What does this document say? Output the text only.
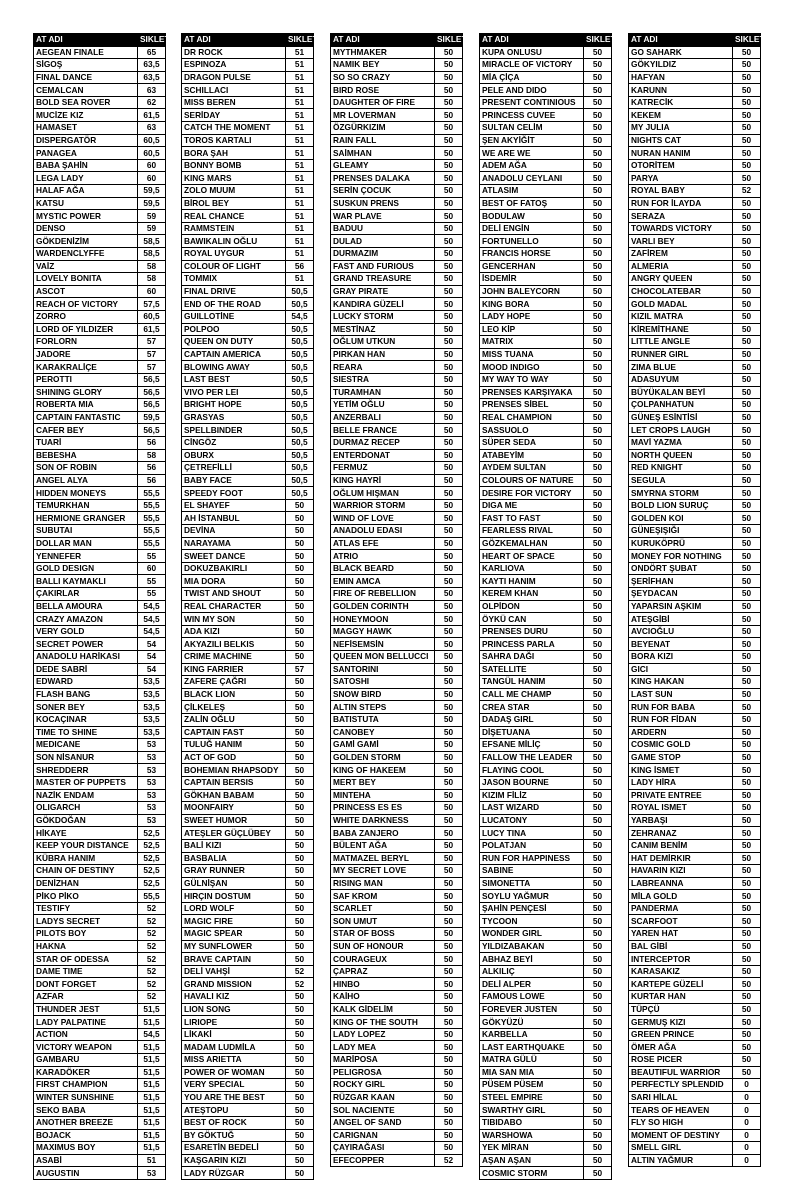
AT ADI	SIKLET
AEGEAN FINALE	65
SİGOŞ	63,5
FINAL DANCE	63,5
CEMALCAN	63
BOLD SEA ROVER	62
MUCİZE KIZ	61,5
HAMASET	63
DISPERGATÖR	60,5
PANAGEA	60,5
BABA ŞAHİN	60
LEGA LADY	60
HALAF AĞA	59,5
KATSU	59,5
MYSTIC POWER	59
DENSO	59
GÖKDENİZİM	58,5
WARDENCLYFFE	58,5
VAİZ	58
LOVELY BONITA	58
ASCOT	60
REACH OF VICTORY	57,5
ZORRO	60,5
LORD OF YILDIZER	61,5
FORLORN	57
JADORE	57
KARAKRALİÇE	57
PEROTTI	56,5
SHINING GLORY	56,5
ROBERTA MIA	56,5
CAPTAIN FANTASTIC	59,5
CAFER BEY	56,5
TUARİ	56
BEBESHA	58
SON OF ROBIN	56
ANGEL ALYA	56
HIDDEN MONEYS	55,5
TEMURKHAN	55,5
HERMIONE GRANGER	55,5
SUBUTAI	55,5
DOLLAR MAN	55,5
YENNEFER	55
GOLD DESIGN	60
BALLI KAYMAKLI	55
ÇAKIRLAR	55
BELLA AMOURA	54,5
CRAZY AMAZON	54,5
VERY GOLD	54,5
SECRET POWER	54
ANADOLU HARİKASI	54
DEDE SABRİ	54
EDWARD	53,5
FLASH BANG	53,5
SONER BEY	53,5
KOCAÇINAR	53,5
TIME TO SHINE	53,5
MEDICANE	53
SON NİSANUR	53
SHREDDERR	53
MASTER OF PUPPETS	53
NAZİK ENDAM	53
OLIGARCH	53
GÖKDOĞAN	53
HİKAYE	52,5
KEEP YOUR DISTANCE	52,5
KÜBRA HANIM	52,5
CHAIN OF DESTINY	52,5
DENİZHAN	52,5
PİKO PİKO	55,5
TESTIFY	52
LADYS SECRET	52
PILOTS BOY	52
HAKNA	52
STAR OF ODESSA	52
DAME TIME	52
DONT FORGET	52
AZFAR	52
THUNDER JEST	51,5
LADY PALPATINE	51,5
ACTION	54,5
VICTORY WEAPON	51,5
GAMBARU	51,5
KARADÖKER	51,5
FIRST CHAMPION	51,5
WINTER SUNSHINE	51,5
SEKO BABA	51,5
ANOTHER BREEZE	51,5
BOJACK	51,5
MAXIMUS BOY	51,5
ASABİ	51
AUGUSTIN	53
AT ADI	SIKLET
DR ROCK	51
ESPINOZA	51
DRAGON PULSE	51
SCHILLACI	51
MISS BEREN	51
SERİDAY	51
CATCH THE MOMENT	51
TOROS KARTALI	51
BORA ŞAH	51
BONNY BOMB	51
KING MARS	51
ZOLO MUUM	51
BİROL BEY	51
REAL CHANCE	51
RAMMSTEIN	51
BAWIKALIN OĞLU	51
ROYAL UYGUR	51
COLOUR OF LIGHT	56
TOMMIX	51
FINAL DRIVE	50,5
END OF THE ROAD	50,5
GUILLOTİNE	54,5
POLPOO	50,5
QUEEN ON DUTY	50,5
CAPTAIN AMERICA	50,5
BLOWING AWAY	50,5
LAST BEST	50,5
VIVO PER LEI	50,5
BRIGHT HOPE	50,5
GRASYAS	50,5
SPELLBINDER	50,5
CİNGÖZ	50,5
OBURX	50,5
ÇETREFİLLİ	50,5
BABY FACE	50,5
SPEEDY FOOT	50,5
EL SHAYEF	50
AH İSTANBUL	50
DEVİNA	50
NARAYAMA	50
SWEET DANCE	50
DOKUZBAKIRLI	50
MIA DORA	50
TWIST AND SHOUT	50
REAL CHARACTER	50
WIN MY SON	50
ADA KIZI	50
AKYAZILI BELKIS	50
CRIME MACHINE	50
KING FARRIER	57
ZAFERE ÇAĞRI	50
BLACK LION	50
ÇİLKELEŞ	50
ZALİN OĞLU	50
CAPTAIN FAST	50
TULUĞ HANIM	50
ACT OF GOD	50
BOHEMIAN RHAPSODY	50
CAPTAIN BERSIS	50
GÖKHAN BABAM	50
MOONFAIRY	50
SWEET HUMOR	50
ATEŞLER GÜÇLÜBEY	50
BALİ KIZI	50
BASBALIA	50
GRAY RUNNER	50
GÜLNİŞAN	50
HIRÇIN DOSTUM	50
LORD WOLF	50
MAGIC FIRE	50
MAGIC SPEAR	50
MY SUNFLOWER	50
BRAVE CAPTAIN	50
DELİ VAHŞİ	52
GRAND MISSION	52
HAVALI KIZ	50
LION SONG	50
LIRIOPE	50
LİKAKİ	50
MADAM LUDMİLA	50
MISS ARIETTA	50
POWER OF WOMAN	50
VERY SPECIAL	50
YOU ARE THE BEST	50
ATEŞTOPU	50
BEST OF ROCK	50
BY GÖKTUĞ	50
ESARETİN BEDELİ	50
KAŞGARIN KIZI	50
LADY RÜZGAR	50
AT ADI	SIKLET
MYTHMAKER	50
NAMIK BEY	50
SO SO CRAZY	50
BIRD ROSE	50
DAUGHTER OF FIRE	50
MR LOVERMAN	50
ÖZGÜRKIZIM	50
RAIN FALL	50
SAİMHAN	50
GLEAMY	50
PRENSES DALAKA	50
SERİN ÇOCUK	50
SUSKUN PRENS	50
WAR PLAVE	50
BADUU	50
DULAD	50
DURMAZIM	50
FAST AND FURIOUS	50
GRAND TREASURE	50
GRAY PIRATE	50
KANDIRA GÜZELİ	50
LUCKY STORM	50
MESTİNAZ	50
OĞLUM UTKUN	50
PIRKAN HAN	50
REARA	50
SIESTRA	50
TURAMHAN	50
YETİM OĞLU	50
ANZERBALI	50
BELLE FRANCE	50
DURMAZ RECEP	50
ENTERDONAT	50
FERMUZ	50
KING HAYRİ	50
OĞLUM HIŞMAN	50
WARRIOR STORM	50
WIND OF LOVE	50
ANADOLU EDASI	50
ATLAS EFE	50
ATRIO	50
BLACK BEARD	50
EMIN AMCA	50
FIRE OF REBELLION	50
GOLDEN CORINTH	50
HONEYMOON	50
MAGGY HAWK	50
NEFİSEMSİN	50
QUEEN MON BELLUCCI	50
SANTORINI	50
SATOSHI	50
SNOW BIRD	50
ALTIN STEPS	50
BATISTUTA	50
CANOBEY	50
GAMİ GAMİ	50
GOLDEN STORM	50
KING OF HAKEEM	50
MERT BEY	50
MINTEHA	50
PRINCESS ES ES	50
WHITE DARKNESS	50
BABA ZANJERO	50
BÜLENT AĞA	50
MATMAZEL BERYL	50
MY SECRET LOVE	50
RISING MAN	50
SAF KROM	50
SCARLET	50
SON UMUT	50
STAR OF BOSS	50
SUN OF HONOUR	50
COURAGEUX	50
ÇAPRAZ	50
HINBO	50
KAİHO	50
KALK GİDELİM	50
KING OF THE SOUTH	50
LADY LOPEZ	50
LADY MEA	50
MARİPOSA	50
PELIGROSA	50
ROCKY GIRL	50
RÜZGAR KAAN	50
SOL NACIENTE	50
ANGEL OF SAND	50
CARIGNAN	50
ÇAYIRAĞASI	50
EFECOPPER	52
AT ADI	SIKLET
KUPA ONLUSU	50
MIRACLE OF VICTORY	50
MİA ÇİÇA	50
PELE AND DIDO	50
PRESENT CONTINIOUS	50
PRINCESS CUVEE	50
SULTAN CELİM	50
ŞEN AKYİĞİT	50
WE ARE WE	50
ADEM AĞA	50
ANADOLU CEYLANI	50
ATLASIM	50
BEST OF FATOŞ	50
BODULAW	50
DELİ ENGİN	50
FORTUNELLO	50
FRANCIS HORSE	50
GENCERHAN	50
İSDEMİR	50
JOHN BALEYCORN	50
KING BORA	50
LADY HOPE	50
LEO KİP	50
MATRIX	50
MISS TUANA	50
MOOD INDIGO	50
MY WAY TO WAY	50
PRENSES KARŞIYAKA	50
PRENSES SİBEL	50
REAL CHAMPION	50
SASSUOLO	50
SÜPER SEDA	50
ATABEYİM	50
AYDEM SULTAN	50
COLOURS OF NATURE	50
DESIRE FOR VICTORY	50
DIGA ME	50
FAST TO FAST	50
FEARLESS RIVAL	50
GÖZKEMALHAN	50
HEART OF SPACE	50
KARLIOVA	50
KAYTI HANIM	50
KEREM KHAN	50
OLPİDON	50
ÖYKÜ CAN	50
PRENSES DURU	50
PRINCESS PARLA	50
SAHRA DAĞI	50
SATELLITE	50
TANGÜL HANIM	50
CALL ME CHAMP	50
CREA STAR	50
DADAŞ GIRL	50
DİŞETUANA	50
EFSANE MİLİÇ	50
FALLOW THE LEADER	50
FLAYING COOL	50
JASON BOURNE	50
KIZIM FİLİZ	50
LAST WIZARD	50
LUCATONY	50
LUCY TINA	50
POLATJAN	50
RUN FOR HAPPINESS	50
SABINE	50
SIMONETTA	50
SOYLU YAĞMUR	50
ŞAHİN PENÇESİ	50
TYCOON	50
WONDER GIRL	50
YILDIZABAKAN	50
ABHAZ BEYİ	50
ALKILIÇ	50
DELİ ALPER	50
FAMOUS LOWE	50
FOREVER JUSTEN	50
GÖKYÜZÜ	50
KARBELLA	50
LAST EARTHQUAKE	50
MATRA GÜLÜ	50
MIA SAN MIA	50
PÜSEM PÜSEM	50
STEEL EMPIRE	50
SWARTHY GIRL	50
TIBIDABO	50
WARSHOWA	50
YEK MİRAN	50
AŞAN AŞAN	50
COSMIC STORM	50
AT ADI	SIKLET
GO SAHARK	50
GÖKYILDIZ	50
HAFYAN	50
KARUNN	50
KATRECİK	50
KEKEM	50
MY JULIA	50
NIGHTS CAT	50
NURAN HANIM	50
OTORİTEM	50
PARYA	50
ROYAL BABY	52
RUN FOR İLAYDA	50
SERAZA	50
TOWARDS VICTORY	50
VARLI BEY	50
ZAFİREM	50
ALMERIA	50
ANGRY QUEEN	50
CHOCOLATEBAR	50
GOLD MADAL	50
KIZIL MATRA	50
KİREMİTHANE	50
LITTLE ANGLE	50
RUNNER GIRL	50
ZIMA BLUE	50
ADASUYUM	50
BÜYÜKALAN BEYİ	50
ÇOLPANHATUN	50
GÜNEŞ ESİNTİSİ	50
LET CROPS LAUGH	50
MAVİ YAZMA	50
NORTH QUEEN	50
RED KNIGHT	50
SEGULA	50
SMYRNA STORM	50
BOLD LION SURUÇ	50
GOLDEN KOI	50
GÜNEŞIŞIĞI	50
KURUKÖPRÜ	50
MONEY FOR NOTHING	50
ONDÖRT ŞUBAT	50
ŞERİFHAN	50
ŞEYDACAN	50
YAPARSIN AŞKIM	50
ATEŞGİBİ	50
AVCIOĞLU	50
BEYENAT	50
BORA KIZI	50
GICI	50
KING HAKAN	50
LAST SUN	50
RUN FOR BABA	50
RUN FOR FİDAN	50
ARDERN	50
COSMIC GOLD	50
GAME STOP	50
KING İSMET	50
LADY HİRA	50
PRIVATE ENTREE	50
ROYAL ISMET	50
YARBAŞI	50
ZEHRANAZ	50
CANIM BENİM	50
HAT DEMİRKIR	50
HAVARIN KIZI	50
LABREANNA	50
MİLA GOLD	50
PANDERMA	50
SCARFOOT	50
YAREN HAT	50
BAL GİBİ	50
INTERCEPTOR	50
KARASAKIZ	50
KARTEPE GÜZELİ	50
KURTAR HAN	50
TÜPÇÜ	50
GERMUŞ KIZI	50
GREEN PRINCE	50
ÖMER AĞA	50
ROSE PICER	50
BEAUTIFUL WARRIOR	50
PERFECTLY SPLENDID	0
SARI HİLAL	0
TEARS OF HEAVEN	0
FLY SO HIGH	0
MOMENT OF DESTINY	0
SMELL GIRL	0
ALTIN YAĞMUR	0
